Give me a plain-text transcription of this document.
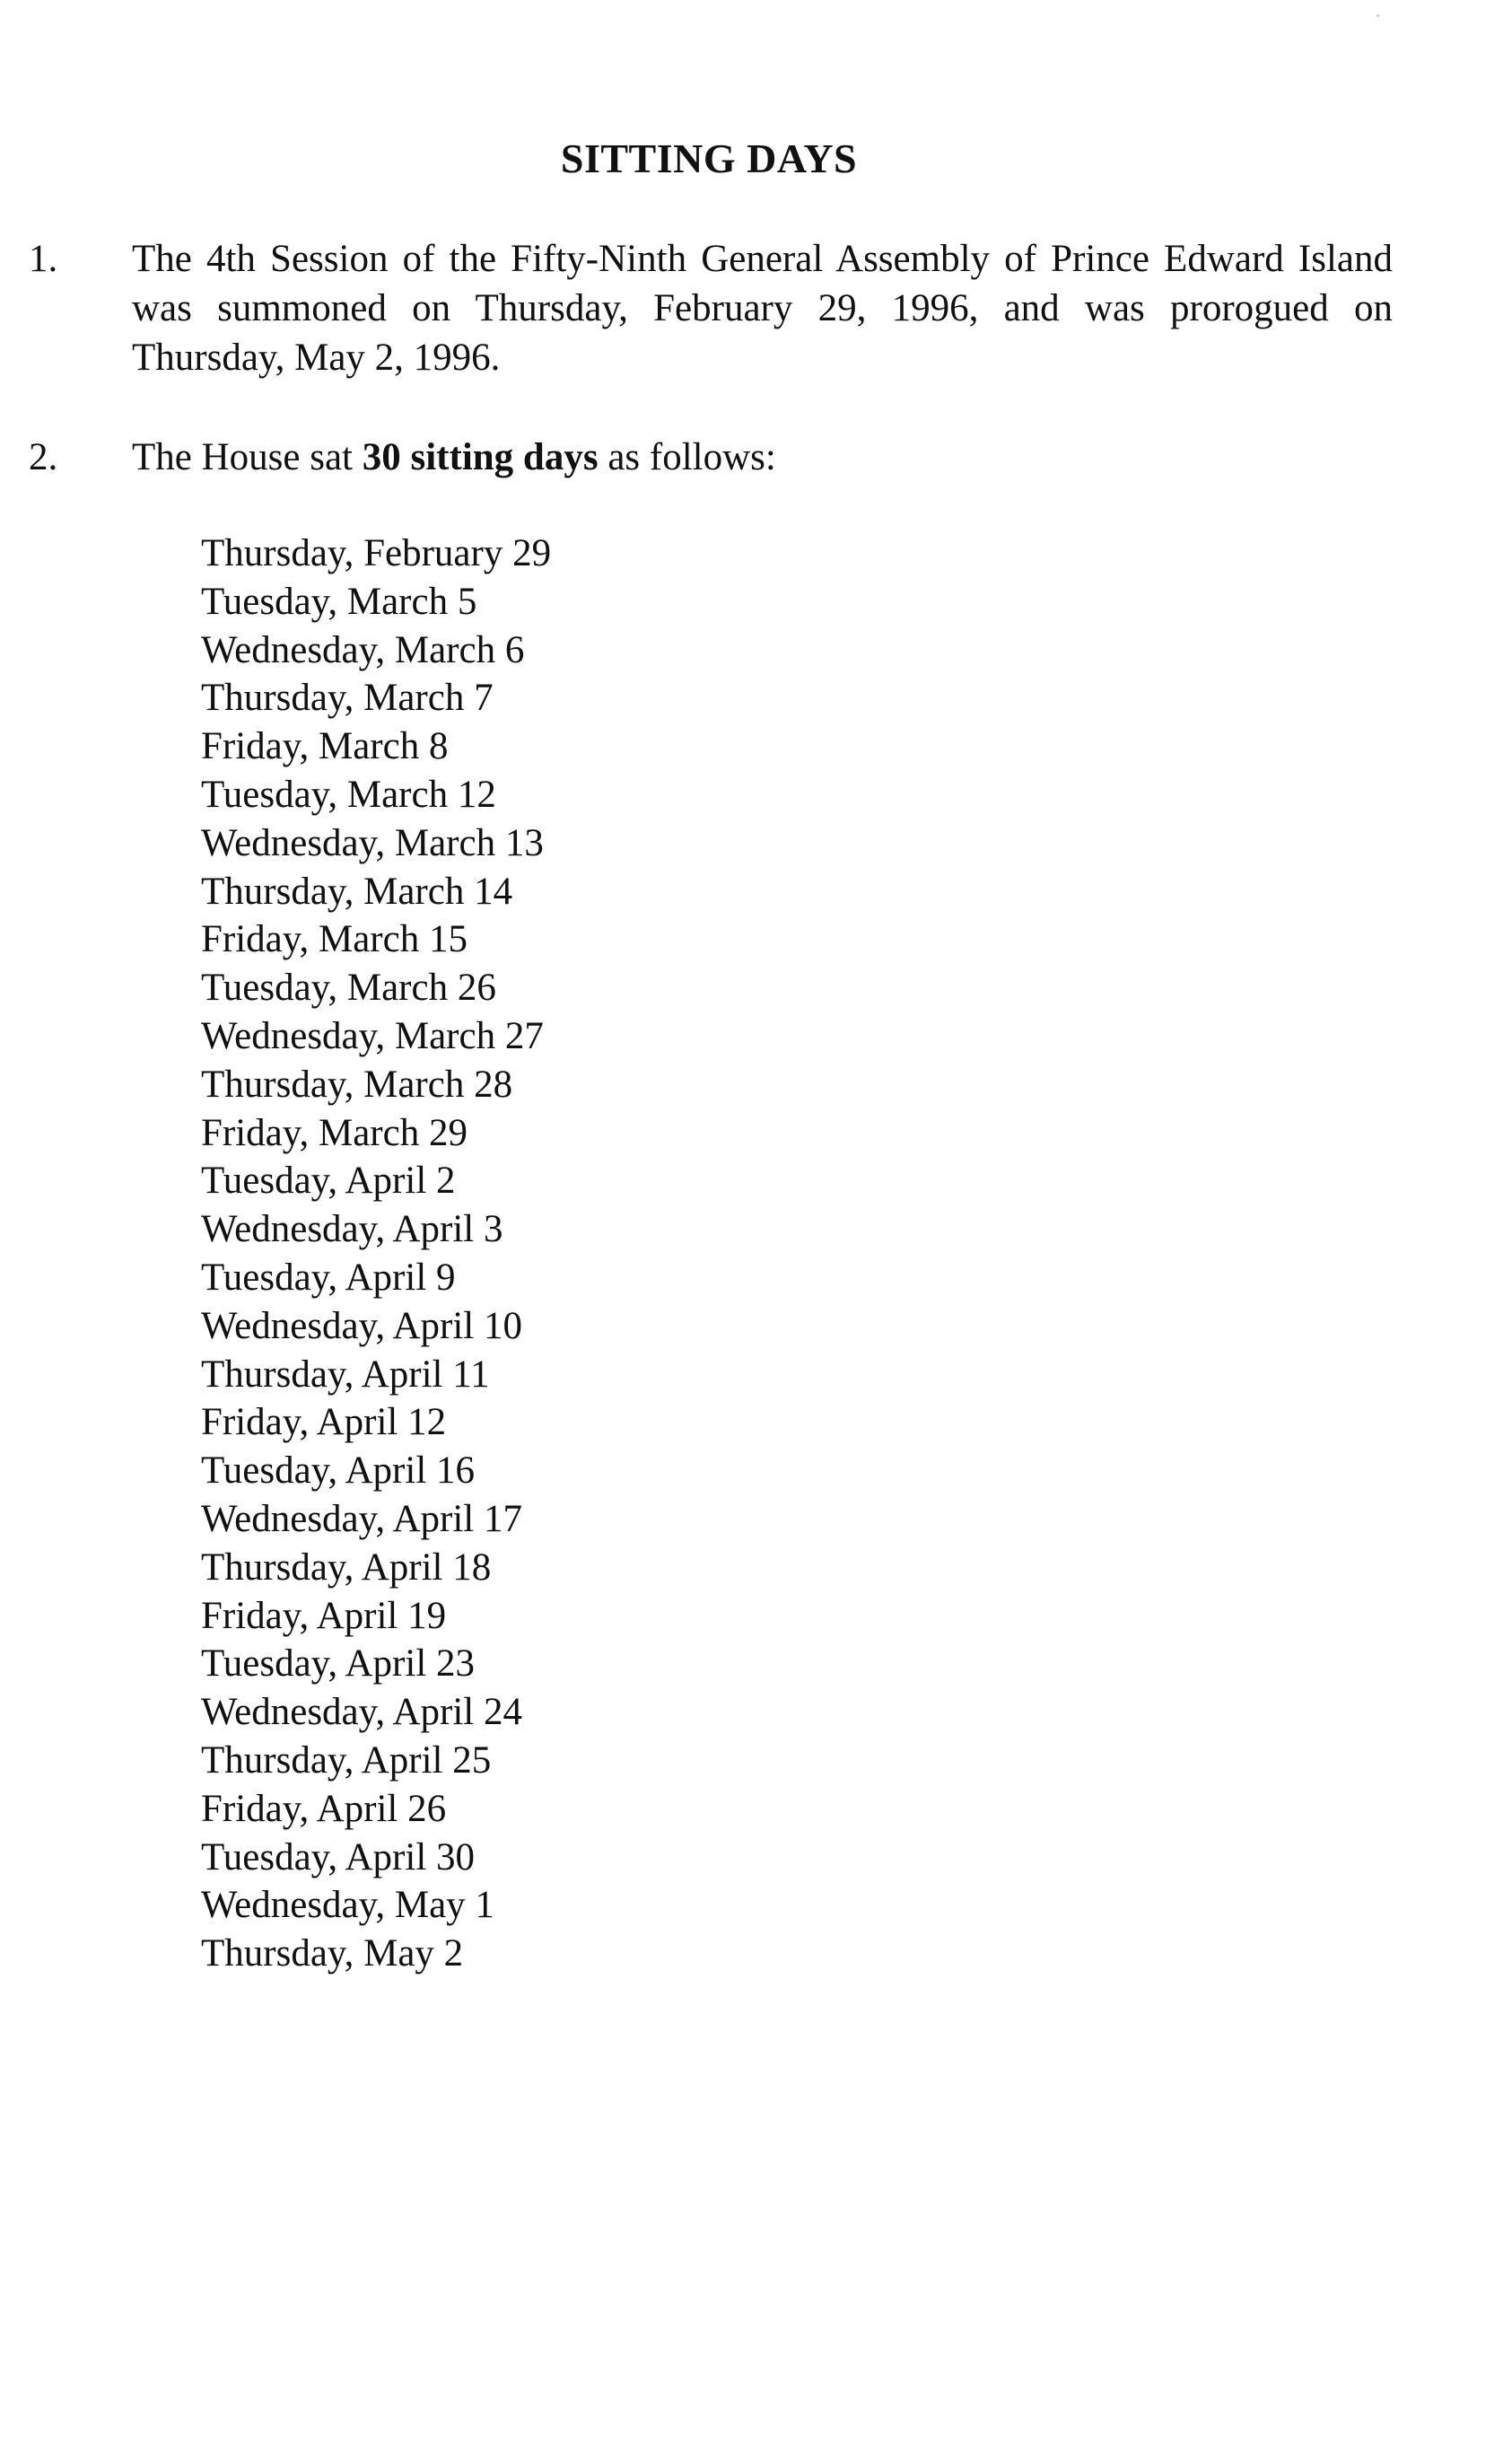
SITTING DAYS
1.	The 4th Session of the Fifty-Ninth General Assembly of Prince Edward Island was summoned on Thursday, February 29, 1996, and was prorogued on Thursday, May 2, 1996.
2.	The House sat 30 sitting days as follows:
Thursday, February 29
Tuesday, March 5
Wednesday, March 6
Thursday, March 7
Friday, March 8
Tuesday, March 12
Wednesday, March 13
Thursday, March 14
Friday, March 15
Tuesday, March 26
Wednesday, March 27
Thursday, March 28
Friday, March 29
Tuesday, April 2
Wednesday, April 3
Tuesday, April 9
Wednesday, April 10
Thursday, April 11
Friday, April 12
Tuesday, April 16
Wednesday, April 17
Thursday, April 18
Friday, April 19
Tuesday, April 23
Wednesday, April 24
Thursday, April 25
Friday, April 26
Tuesday, April 30
Wednesday, May 1
Thursday, May 2
